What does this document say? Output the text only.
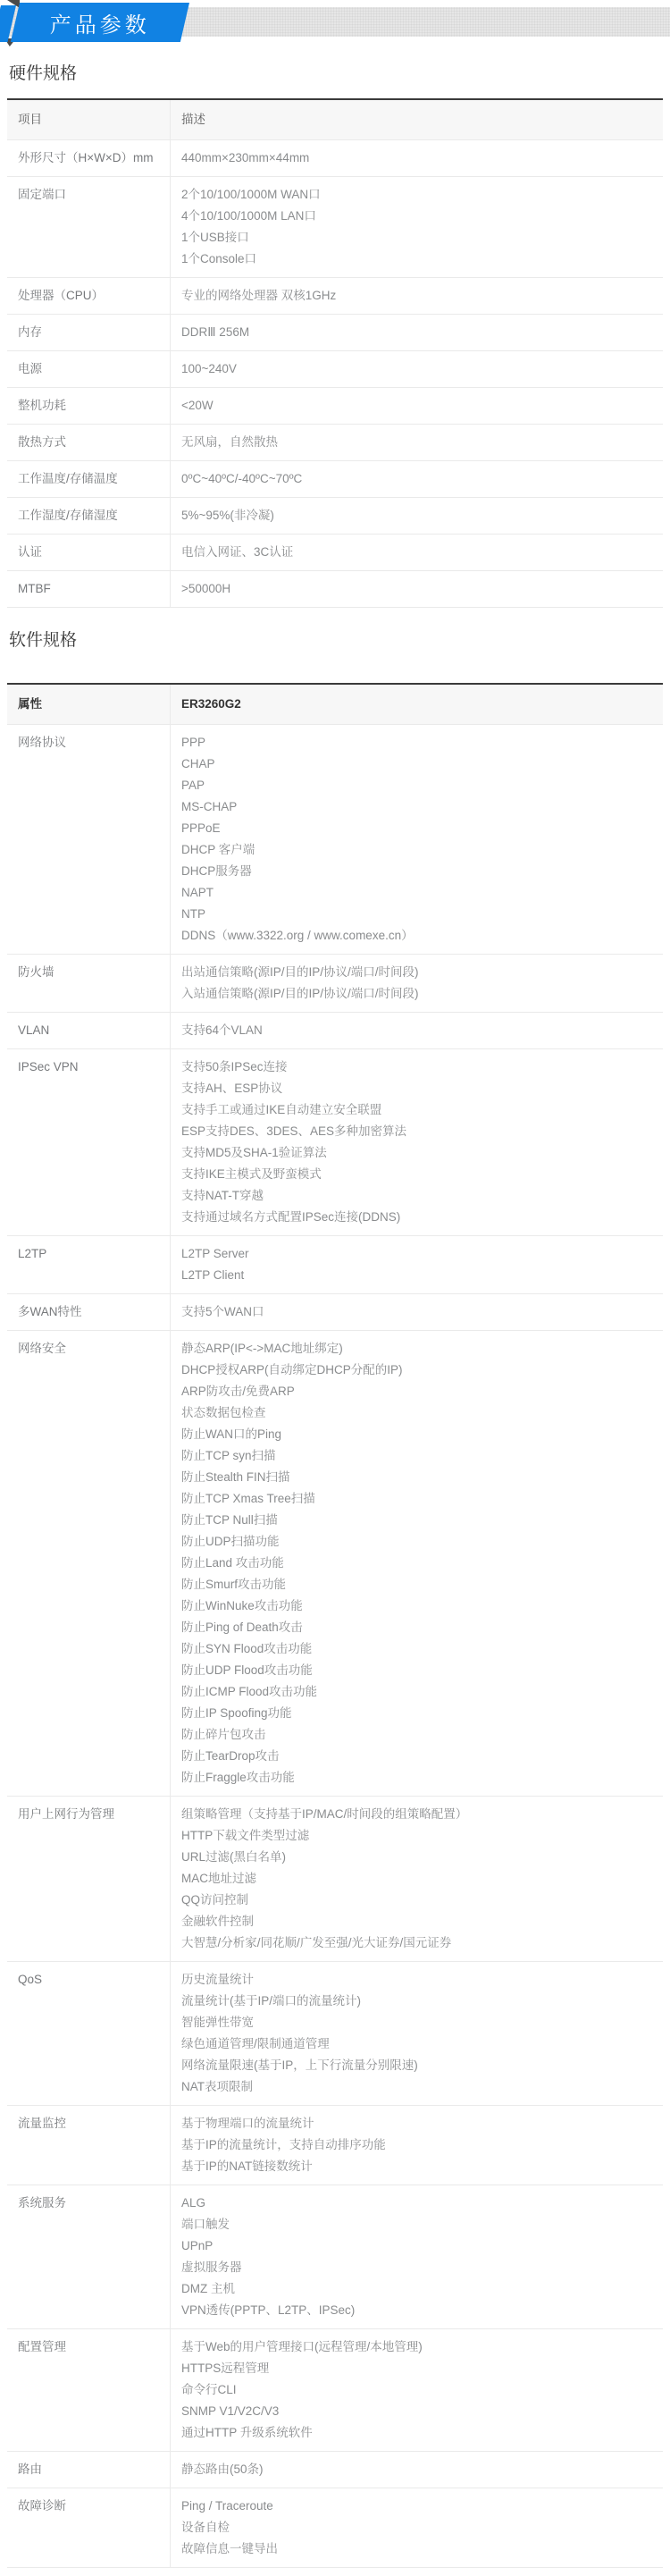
产品参数
硬件规格
项目	描述
外形尺寸（H×W×D）mm	440mm×230mm×44mm

固定端口	2个10/100/1000M WAN口
4个10/100/1000M LAN口
1个USB接口
1个Console口

处理器（CPU）	专业的网络处理器 双核1GHz

内存	DDRⅢ 256M

电源	100~240V

整机功耗	<20W

散热方式	无风扇，自然散热

工作温度/存储温度	0ºC~40ºC/-40ºC~70ºC

工作湿度/存储湿度	5%~95%(非冷凝)

认证	电信入网证、3C认证

MTBF	>50000H
软件规格
属性	ER3260G2
网络协议	PPP
CHAP
PAP
MS-CHAP
PPPoE
DHCP 客户端
DHCP服务器
NAPT
NTP
DDNS（www.3322.org / www.comexe.cn）

防火墙	出站通信策略(源IP/目的IP/协议/端口/时间段)
入站通信策略(源IP/目的IP/协议/端口/时间段)

VLAN	支持64个VLAN

IPSec VPN	支持50条IPSec连接
支持AH、ESP协议
支持手工或通过IKE自动建立安全联盟
ESP支持DES、3DES、AES多种加密算法
支持MD5及SHA-1验证算法
支持IKE主模式及野蛮模式
支持NAT-T穿越
支持通过域名方式配置IPSec连接(DDNS)

L2TP	L2TP Server
L2TP Client

多WAN特性	支持5个WAN口

网络安全	静态ARP(IP<->MAC地址绑定)
DHCP授权ARP(自动绑定DHCP分配的IP)
ARP防攻击/免费ARP
状态数据包检查
防止WAN口的Ping
防止TCP syn扫描
防止Stealth FIN扫描
防止TCP Xmas Tree扫描
防止TCP Null扫描
防止UDP扫描功能
防止Land 攻击功能
防止Smurf攻击功能
防止WinNuke攻击功能
防止Ping of Death攻击
防止SYN Flood攻击功能
防止UDP Flood攻击功能
防止ICMP Flood攻击功能
防止IP Spoofing功能
防止碎片包攻击
防止TearDrop攻击
防止Fraggle攻击功能

用户上网行为管理	组策略管理（支持基于IP/MAC/时间段的组策略配置）
HTTP下载文件类型过滤
URL过滤(黑白名单)
MAC地址过滤
QQ访问控制
金融软件控制
大智慧/分析家/同花顺/广发至强/光大证券/国元证券

QoS	历史流量统计
流量统计(基于IP/端口的流量统计)
智能弹性带宽
绿色通道管理/限制通道管理
网络流量限速(基于IP，上下行流量分别限速)
NAT表项限制

流量监控	基于物理端口的流量统计
基于IP的流量统计，支持自动排序功能
基于IP的NAT链接数统计

系统服务	ALG
端口触发
UPnP
虚拟服务器
DMZ 主机
VPN透传(PPTP、L2TP、IPSec)

配置管理	基于Web的用户管理接口(远程管理/本地管理)
HTTPS远程管理
命令行CLI
SNMP V1/V2C/V3
通过HTTP 升级系统软件

路由	静态路由(50条)

故障诊断	Ping / Traceroute
设备自检
故障信息一键导出
